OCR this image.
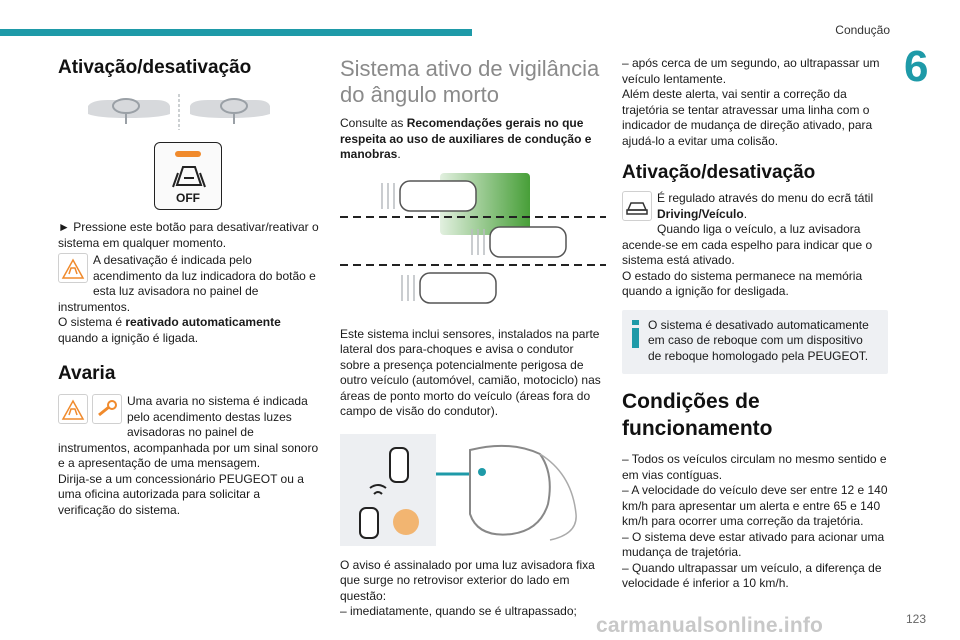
Condução
6
Ativação/desativação
OFF

► Pressione este botão para desativar/reativar o sistema em qualquer momento.

A desativação é indicada pelo acendimento da luz indicadora do botão e esta luz avisadora no painel de instrumentos.

O sistema é reativado automaticamente quando a ignição é ligada.

Avaria

Uma avaria no sistema é indicada pelo acendimento destas luzes avisadoras no painel de instrumentos, acompanhada por um sinal sonoro e a apresentação de uma mensagem.

Dirija-se a um concessionário PEUGEOT ou a uma oficina autorizada para solicitar a verificação do sistema.

Sistema ativo de vigilância do ângulo morto

Consulte as Recomendações gerais no que respeita ao uso de auxiliares de condução e manobras.

Este sistema inclui sensores, instalados na parte lateral dos para-choques e avisa o condutor sobre a presença potencialmente perigosa de outro veículo (automóvel, camião, motociclo) nas áreas de ponto morto do veículo (áreas fora do campo de visão do condutor).

O aviso é assinalado por uma luz avisadora fixa que surge no retrovisor exterior do lado em questão:

– imediatamente, quando se é ultrapassado;

– após cerca de um segundo, ao ultrapassar um veículo lentamente.

Além deste alerta, vai sentir a correção da trajetória se tentar atravessar uma linha com o indicador de mudança de direção ativado, para ajudá-lo a evitar uma colisão.

Ativação/desativação

É regulado através do menu do ecrã tátil Driving/Veículo.

Quando liga o veículo, a luz avisadora acende-se em cada espelho para indicar que o sistema está ativado.

O estado do sistema permanece na memória quando a ignição for desligada.

O sistema é desativado automaticamente em caso de reboque com um dispositivo de reboque homologado pela PEUGEOT.

Condições de funcionamento

– Todos os veículos circulam no mesmo sentido e em vias contíguas.

– A velocidade do veículo deve ser entre 12 e 140 km/h para apresentar um alerta e entre 65 e 140 km/h para ocorrer uma correção da trajetória.

– O sistema deve estar ativado para acionar uma mudança de trajetória.

– Quando ultrapassar um veículo, a diferença de velocidade é inferior a 10 km/h.

carmanualsonline.info	123
